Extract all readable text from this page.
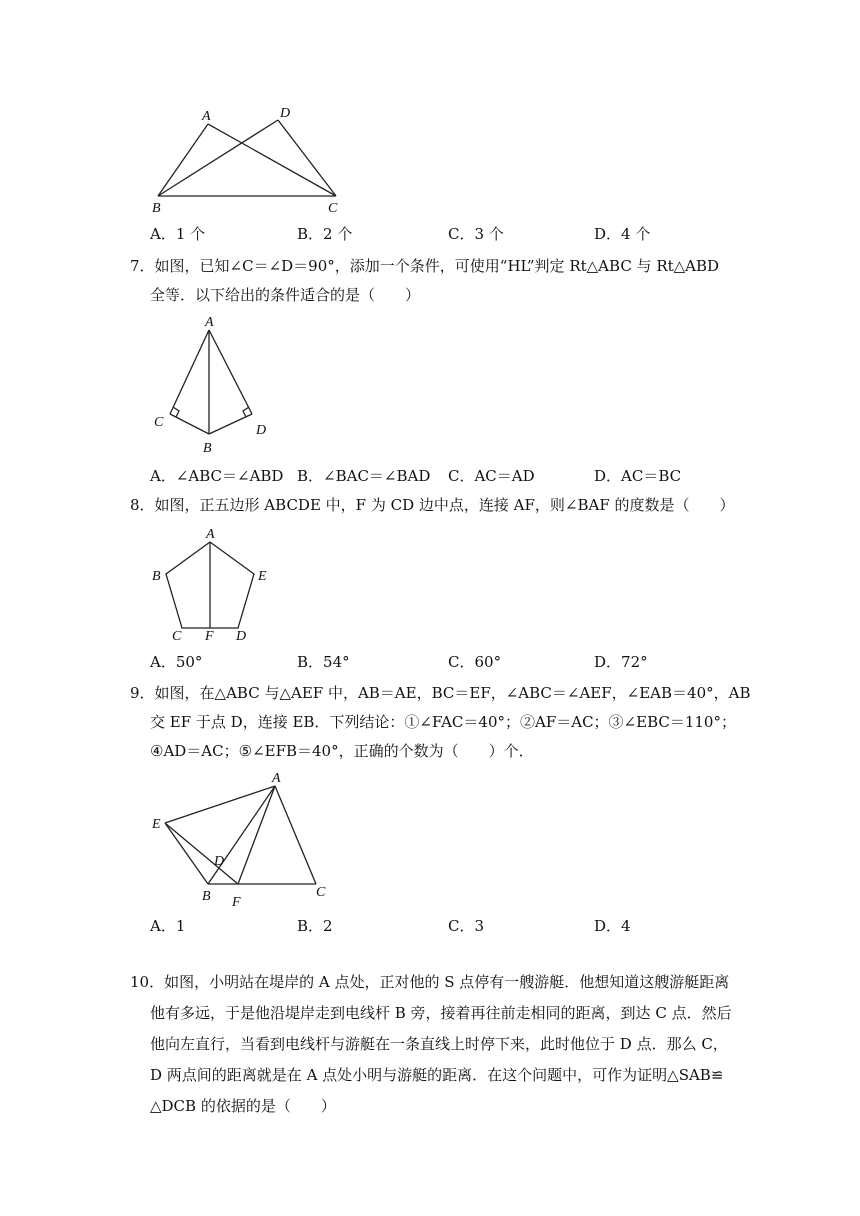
A	D
B	C
A．1 个	B．2 个	C．3 个	D．4 个
7．如图，已知∠C＝∠D＝90°，添加一个条件，可使用“HL”判定 Rt△ABC 与 Rt△ABD
全等．以下给出的条件适合的是（　　）
A
C
B
D
A．∠ABC＝∠ABD B．∠BAC＝∠BAD C．AC＝AD	D．AC＝BC
8．如图，正五边形 ABCDE 中，F 为 CD 边中点，连接 AF，则∠BAF 的度数是（　　）
A
B	E
C F D
A．50°	B．54°	C．60°	D．72°
9．如图，在△ABC 与△AEF 中，AB＝AE，BC＝EF，∠ABC＝∠AEF，∠EAB＝40°，AB
交 EF 于点 D，连接 EB．下列结论：①∠FAC＝40°；②AF＝AC；③∠EBC＝110°；
④AD＝AC；⑤∠EFB＝40°，正确的个数为（　　）个．
A
E
D
B F
C
A．1	B．2	C．3	D．4
10．如图，小明站在堤岸的 A 点处，正对他的 S 点停有一艘游艇．他想知道这艘游艇距离
他有多远，于是他沿堤岸走到电线杆 B 旁，接着再往前走相同的距离，到达 C 点．然后
他向左直行，当看到电线杆与游艇在一条直线上时停下来，此时他位于 D 点．那么 C，
D 两点间的距离就是在 A 点处小明与游艇的距离．在这个问题中，可作为证明△SAB≌
△DCB 的依据的是（　　）
